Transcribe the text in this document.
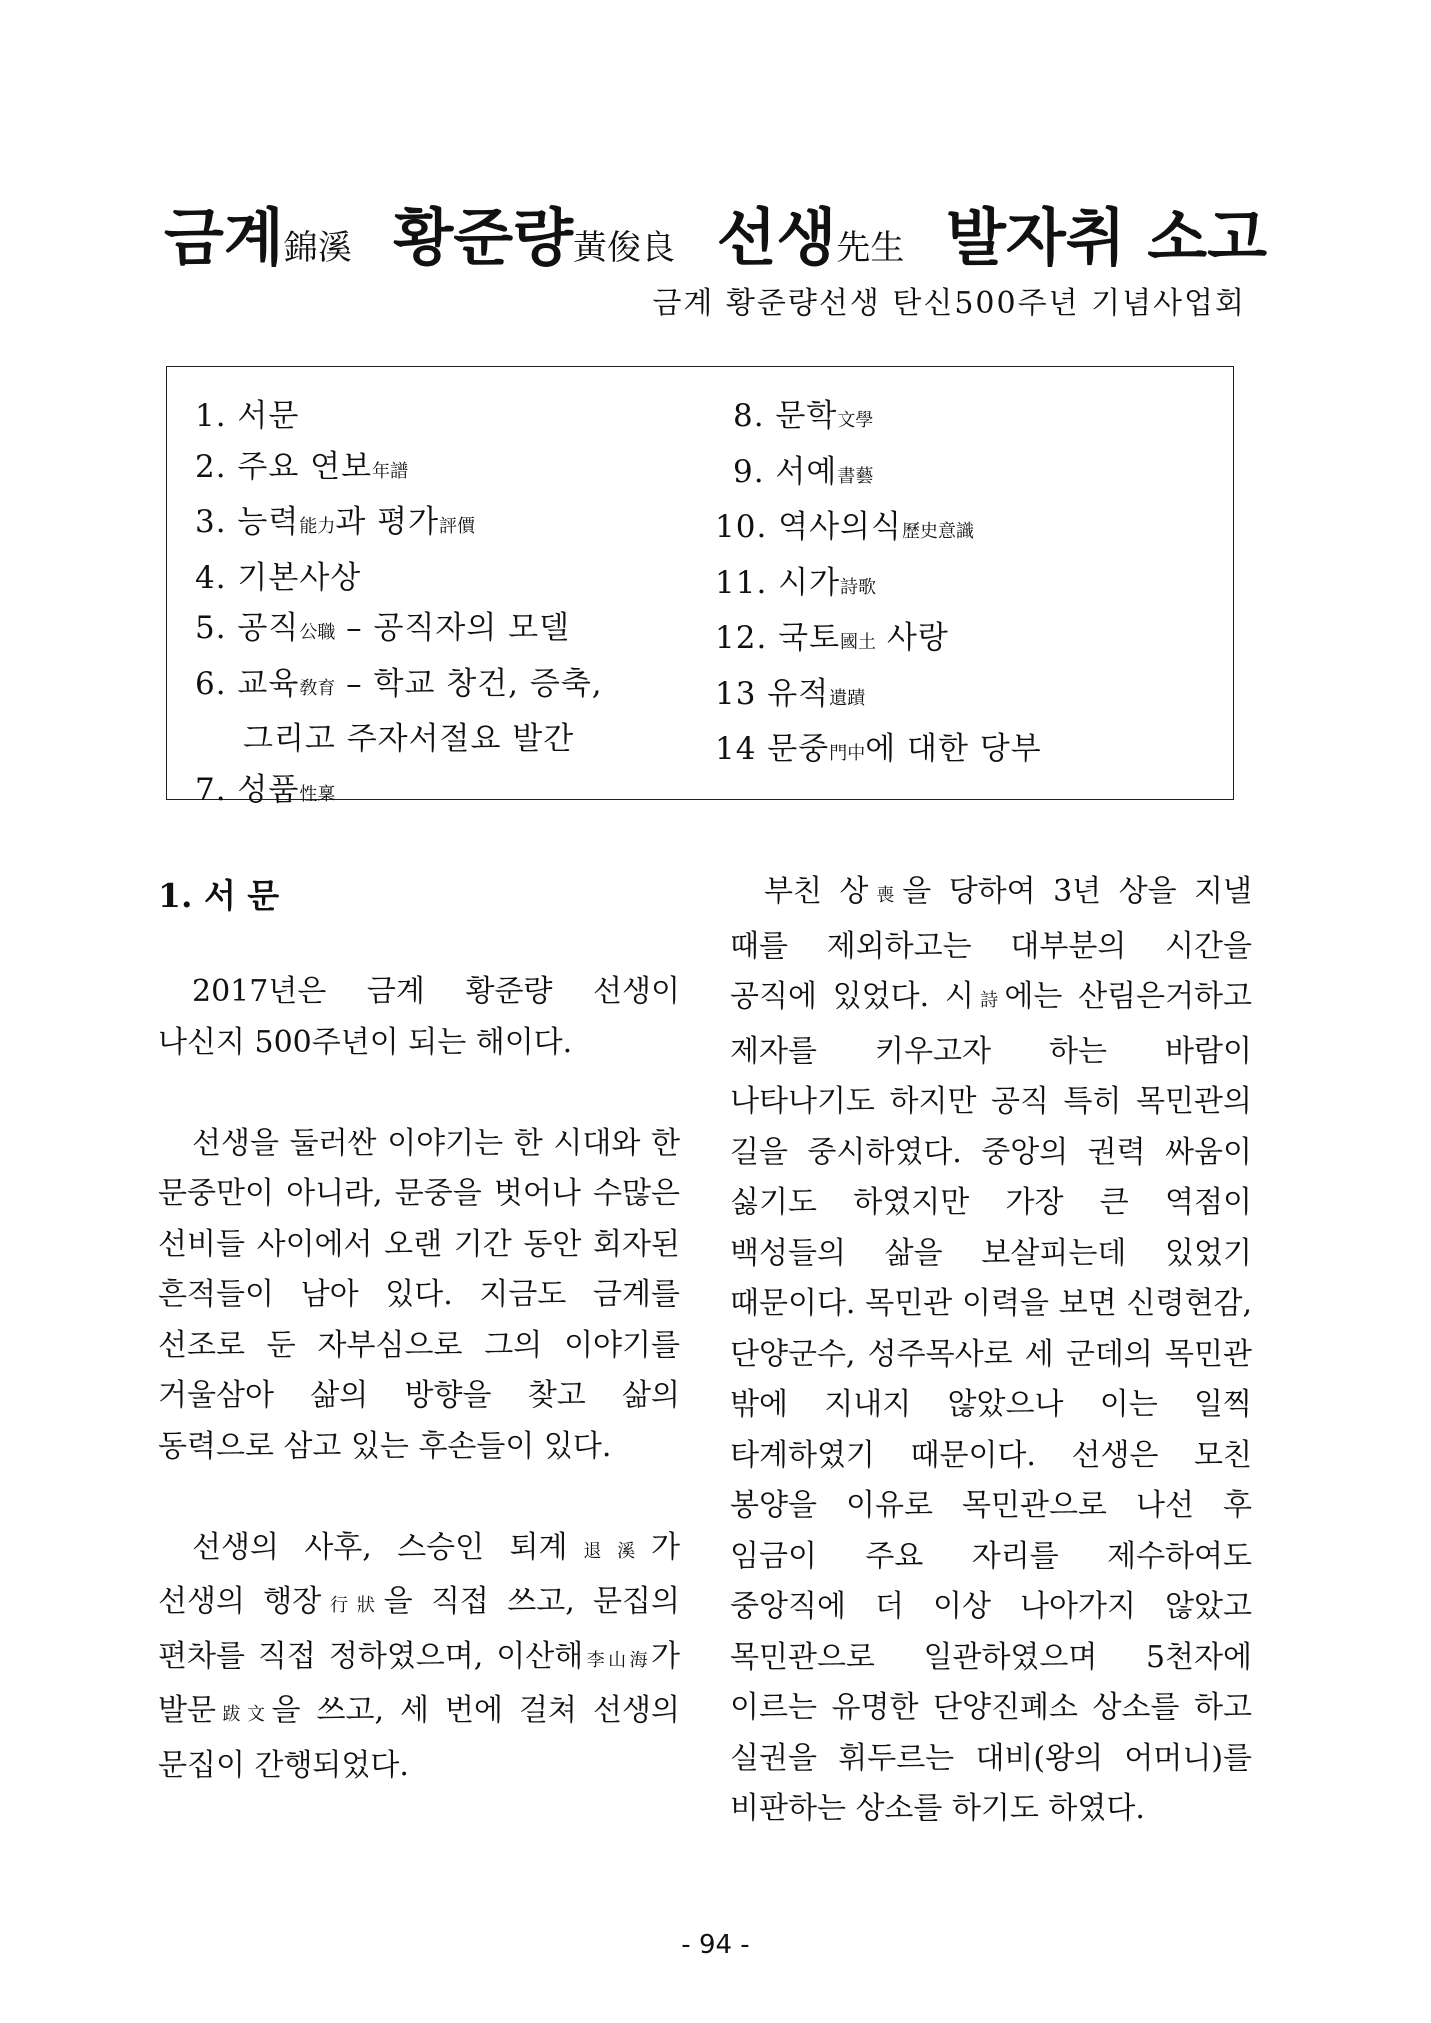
금계錦溪 황준량黃俊良 선생先生 발자취 소고
금계 황준량선생 탄신500주년 기념사업회
1. 서문
2. 주요 연보年譜
3. 능력能力과 평가評價
4. 기본사상
5. 공직公職 – 공직자의 모델
6. 교육敎育 – 학교 창건, 증축,
그리고 주자서절요 발간
7. 성품性稟
8. 문학文學
9. 서예書藝
10. 역사의식歷史意識
11. 시가詩歌
12. 국토國土 사랑
13 유적遺蹟
14 문중門中에 대한 당부
1. 서 문

2017년은 금계 황준량 선생이 나신지 500주년이 되는 해이다.

선생을 둘러싼 이야기는 한 시대와 한 문중만이 아니라, 문중을 벗어나 수많은 선비들 사이에서 오랜 기간 동안 회자된 흔적들이 남아 있다. 지금도 금계를 선조로 둔 자부심으로 그의 이야기를 거울삼아 삶의 방향을 찾고 삶의 동력으로 삼고 있는 후손들이 있다.

선생의 사후, 스승인 퇴계退溪가 선생의 행장行狀을 직접 쓰고, 문집의 편차를 직접 정하였으며, 이산해李山海가 발문跋文을 쓰고, 세 번에 걸쳐 선생의 문집이 간행되었다.

부친 상喪을 당하여 3년 상을 지낼 때를 제외하고는 대부분의 시간을 공직에 있었다. 시詩에는 산림은거하고 제자를 키우고자 하는 바람이 나타나기도 하지만 공직 특히 목민관의 길을 중시하였다. 중앙의 권력 싸움이 싫기도 하였지만 가장 큰 역점이 백성들의 삶을 보살피는데 있었기 때문이다. 목민관 이력을 보면 신령현감, 단양군수, 성주목사로 세 군데의 목민관 밖에 지내지 않았으나 이는 일찍 타계하였기 때문이다. 선생은 모친 봉양을 이유로 목민관으로 나선 후 임금이 주요 자리를 제수하여도 중앙직에 더 이상 나아가지 않았고 목민관으로 일관하였으며 5천자에 이르는 유명한 단양진폐소 상소를 하고 실권을 휘두르는 대비(왕의 어머니)를 비판하는 상소를 하기도 하였다.

- 94 -
